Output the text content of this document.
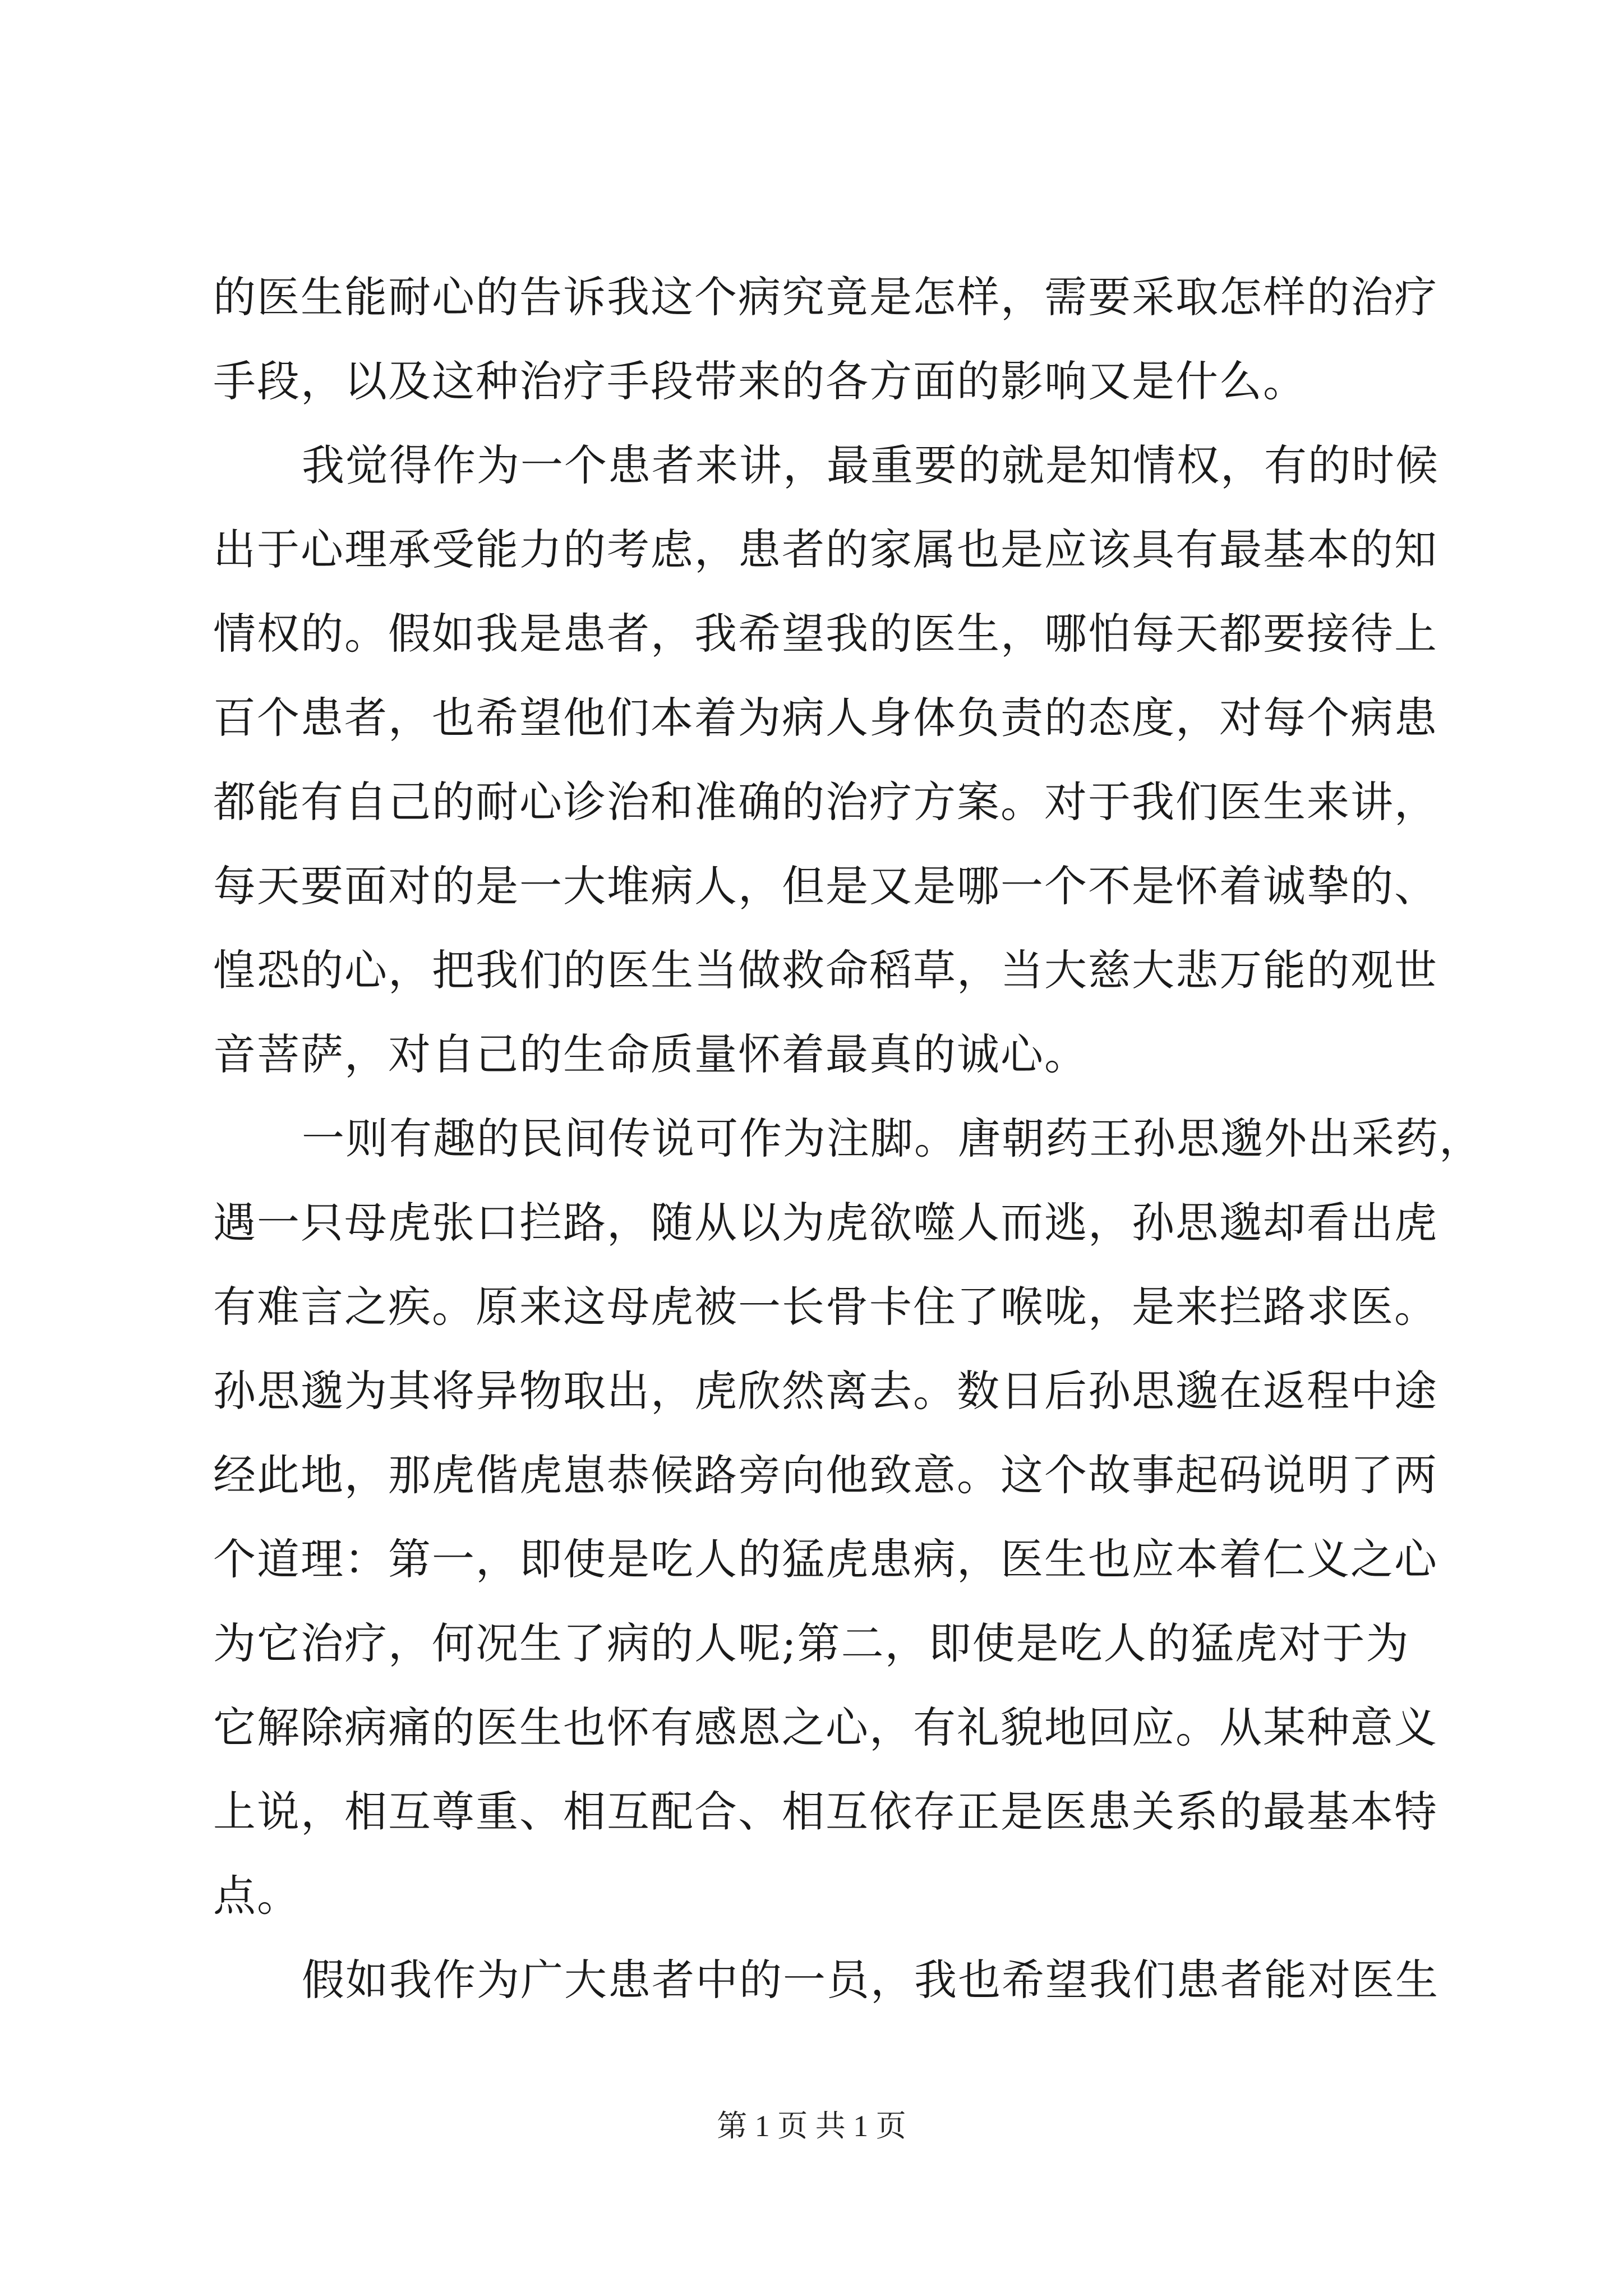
的医生能耐心的告诉我这个病究竟是怎样，需要采取怎样的治疗
手段，以及这种治疗手段带来的各方面的影响又是什么。
我觉得作为一个患者来讲，最重要的就是知情权，有的时候
出于心理承受能力的考虑，患者的家属也是应该具有最基本的知
情权的。假如我是患者，我希望我的医生，哪怕每天都要接待上
百个患者，也希望他们本着为病人身体负责的态度，对每个病患
都能有自己的耐心诊治和准确的治疗方案。对于我们医生来讲，
每天要面对的是一大堆病人，但是又是哪一个不是怀着诚挚的、
惶恐的心，把我们的医生当做救命稻草，当大慈大悲万能的观世
音菩萨，对自己的生命质量怀着最真的诚心。
一则有趣的民间传说可作为注脚。唐朝药王孙思邈外出采药，
遇一只母虎张口拦路，随从以为虎欲噬人而逃，孙思邈却看出虎
有难言之疾。原来这母虎被一长骨卡住了喉咙，是来拦路求医。
孙思邈为其将异物取出，虎欣然离去。数日后孙思邈在返程中途
经此地，那虎偕虎崽恭候路旁向他致意。这个故事起码说明了两
个道理：第一，即使是吃人的猛虎患病，医生也应本着仁义之心
为它治疗，何况生了病的人呢;第二，即使是吃人的猛虎对于为
它解除病痛的医生也怀有感恩之心，有礼貌地回应。从某种意义
上说，相互尊重、相互配合、相互依存正是医患关系的最基本特
点。
假如我作为广大患者中的一员，我也希望我们患者能对医生
第 1 页 共 1 页
